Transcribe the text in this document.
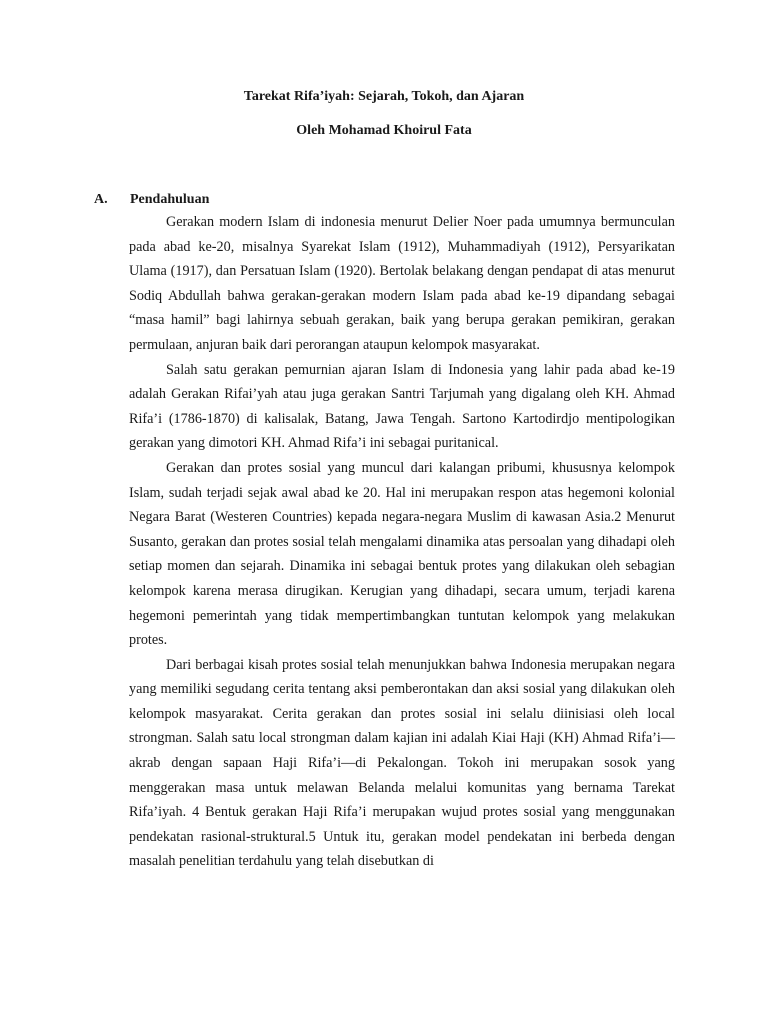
Tarekat Rifa’iyah: Sejarah, Tokoh, dan Ajaran
Oleh Mohamad Khoirul Fata
A.	Pendahuluan

Gerakan modern Islam di indonesia menurut Delier Noer pada umumnya bermunculan pada abad ke-20, misalnya Syarekat Islam (1912), Muhammadiyah (1912), Persyarikatan Ulama (1917), dan Persatuan Islam (1920). Bertolak belakang dengan pendapat di atas menurut Sodiq Abdullah bahwa gerakan-gerakan modern Islam pada abad ke-19 dipandang sebagai “masa hamil” bagi lahirnya sebuah gerakan, baik yang berupa gerakan pemikiran, gerakan permulaan, anjuran baik dari perorangan ataupun kelompok masyarakat.

Salah satu gerakan pemurnian ajaran Islam di Indonesia yang lahir pada abad ke-19 adalah Gerakan Rifai’yah atau juga gerakan Santri Tarjumah yang digalang oleh KH. Ahmad Rifa’i (1786-1870) di kalisalak, Batang, Jawa Tengah. Sartono Kartodirdjo mentipologikan gerakan yang dimotori KH. Ahmad Rifa’i ini sebagai puritanical.

Gerakan dan protes sosial yang muncul dari kalangan pribumi, khususnya kelompok Islam, sudah terjadi sejak awal abad ke 20. Hal ini merupakan respon atas hegemoni kolonial Negara Barat (Westeren Countries) kepada negara-negara Muslim di kawasan Asia.2 Menurut Susanto, gerakan dan protes sosial telah mengalami dinamika atas persoalan yang dihadapi oleh setiap momen dan sejarah. Dinamika ini sebagai bentuk protes yang dilakukan oleh sebagian kelompok karena merasa dirugikan. Kerugian yang dihadapi, secara umum, terjadi karena hegemoni pemerintah yang tidak mempertimbangkan tuntutan kelompok yang melakukan protes.

Dari berbagai kisah protes sosial telah menunjukkan bahwa Indonesia merupakan negara yang memiliki segudang cerita tentang aksi pemberontakan dan aksi sosial yang dilakukan oleh kelompok masyarakat. Cerita gerakan dan protes sosial ini selalu diinisiasi oleh local strongman. Salah satu local strongman dalam kajian ini adalah Kiai Haji (KH) Ahmad Rifa’i— akrab dengan sapaan Haji Rifa’i—di Pekalongan. Tokoh ini merupakan sosok yang menggerakan masa untuk melawan Belanda melalui komunitas yang bernama Tarekat Rifa’iyah. 4 Bentuk gerakan Haji Rifa’i merupakan wujud protes sosial yang menggunakan pendekatan rasional-struktural.5 Untuk itu, gerakan model pendekatan ini berbeda dengan masalah penelitian terdahulu yang telah disebutkan di
